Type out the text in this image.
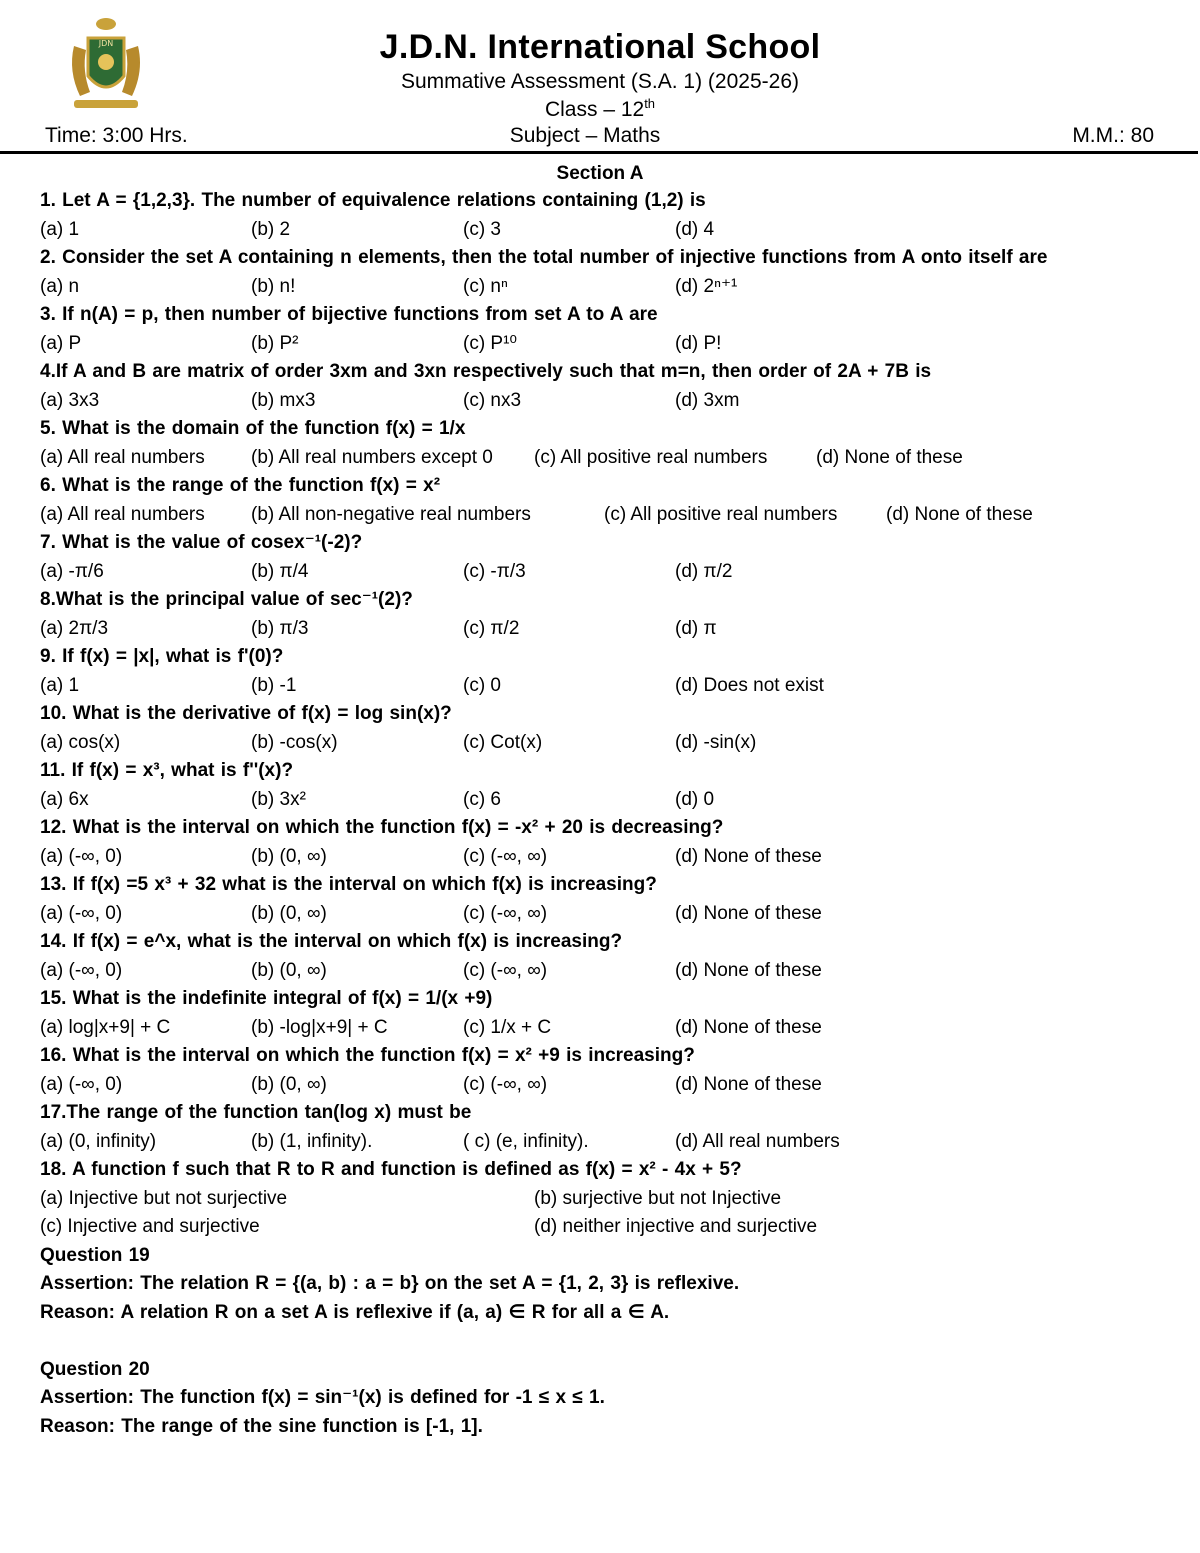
JDN	J.D.N. International School
Summative Assessment (S.A. 1) (2025-26)
Class – 12th
Time: 3:00 Hrs.	Subject – Maths	M.M.: 80
Section A
1. Let A = {1,2,3}. The number of equivalence relations containing (1,2) is
(a) 1	(b) 2	(c) 3	(d) 4
2. Consider the set A containing n elements, then the total number of injective functions from A onto itself are
(a) n	(b) n!	(c) nⁿ	(d) 2ⁿ⁺¹
3. If n(A) = p, then number of bijective functions from set A to A are
(a) P	(b) P²	(c) P¹⁰	(d) P!
4.If A and B are matrix of order 3xm and 3xn respectively such that m=n, then order of 2A + 7B is
(a) 3x3	(b) mx3	(c) nx3	(d) 3xm
5. What is the domain of the function f(x) = 1/x
(a) All real numbers (b) All real numbers except 0 (c) All positive real numbers	(d) None of these
6. What is the range of the function f(x) = x²
(a) All real numbers (b) All non-negative real numbers	(c) All positive real numbers	(d) None of these
7. What is the value of cosex⁻¹(-2)?
(a) -π/6	(b) π/4	(c) -π/3	(d) π/2
8.What is the principal value of sec⁻¹(2)?
(a) 2π/3	(b) π/3	(c) π/2	(d) π
9. If f(x) = |x|, what is f'(0)?
(a) 1	(b) -1	(c) 0	(d) Does not exist
10. What is the derivative of f(x) = log sin(x)?
(a) cos(x)	(b) -cos(x)	(c) Cot(x)	(d) -sin(x)
11. If f(x) = x³, what is f''(x)?
(a) 6x	(b) 3x²	(c) 6	(d) 0
12. What is the interval on which the function f(x) = -x² + 20 is decreasing?
(a) (-∞, 0)	(b) (0, ∞)	(c) (-∞, ∞)	(d) None of these
13. If f(x) =5 x³ + 32 what is the interval on which f(x) is increasing?
(a) (-∞, 0)	(b) (0, ∞)	(c) (-∞, ∞)	(d) None of these
14. If f(x) = e^x, what is the interval on which f(x) is increasing?
(a) (-∞, 0)	(b) (0, ∞)	(c) (-∞, ∞)	(d) None of these
15. What is the indefinite integral of f(x) = 1/(x +9)
(a) log|x+9| + C	(b) -log|x+9| + C	(c) 1/x + C	(d) None of these
16. What is the interval on which the function f(x) = x² +9 is increasing?
(a) (-∞, 0)	(b) (0, ∞)	(c) (-∞, ∞)	(d) None of these
17.The range of the function tan(log x) must be
(a) (0, infinity)	(b) (1, infinity).	( c) (e, infinity).	(d) All real numbers
18. A function f such that R to R and function is defined as f(x) = x² - 4x + 5?
(a) Injective but not surjective	(b) surjective but not Injective
(c) Injective and surjective	(d) neither injective and surjective
Question 19
Assertion: The relation R = {(a, b) : a = b} on the set A = {1, 2, 3} is reflexive.
Reason: A relation R on a set A is reflexive if (a, a) ∈ R for all a ∈ A.
Question 20
Assertion: The function f(x) = sin⁻¹(x) is defined for -1 ≤ x ≤ 1.
Reason: The range of the sine function is [-1, 1].
